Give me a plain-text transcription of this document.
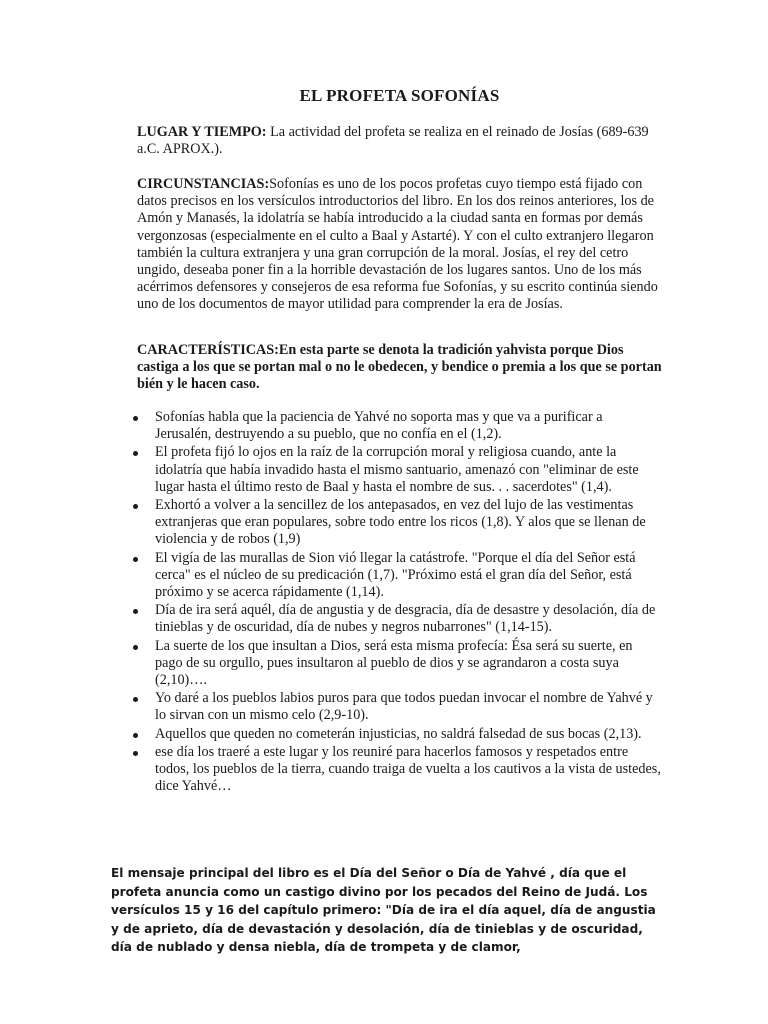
EL PROFETA SOFONÍAS

LUGAR Y TIEMPO: La actividad del profeta se realiza en el reinado de Josías (689-639 a.C. APROX.).

CIRCUNSTANCIAS:Sofonías es uno de los pocos profetas cuyo tiempo está fijado con datos precisos en los versículos introductorios del libro. En los dos reinos anteriores, los de Amón y Manasés, la idolatría se había introducido a la ciudad santa en formas por demás vergonzosas (especialmente en el culto a Baal y Astarté). Y con el culto extranjero llegaron también la cultura extranjera y una gran corrupción de la moral. Josías, el rey del cetro ungido, deseaba poner fin a la horrible devastación de los lugares santos. Uno de los más acérrimos defensores y consejeros de esa reforma fue Sofonías, y su escrito continúa siendo uno de los documentos de mayor utilidad para comprender la era de Josías.

CARACTERÍSTICAS:En esta parte se denota la tradición yahvista porque Dios castiga a los que se portan mal o no le obedecen, y bendice o premia a los que se portan bién y le hacen caso.

Sofonías habla que la paciencia de Yahvé no soporta mas y que va a purificar a Jerusalén, destruyendo a su pueblo, que no confía en el (1,2).
El profeta fijó lo ojos en la raíz de la corrupción moral y religiosa cuando, ante la idolatría que había invadido hasta el mismo santuario, amenazó con "eliminar de este lugar hasta el último resto de Baal y hasta el nombre de sus. . . sacerdotes" (1,4).
Exhortó a volver a la sencillez de los antepasados, en vez del lujo de las vestimentas extranjeras que eran populares, sobre todo entre los ricos (1,8). Y alos que se llenan de violencia y de robos (1,9)
El vigía de las murallas de Sion vió llegar la catástrofe. "Porque el día del Señor está cerca" es el núcleo de su predicación (1,7). "Próximo está el gran día del Señor, está próximo y se acerca rápidamente (1,14).
Día de ira será aquél, día de angustia y de desgracia, día de desastre y desolación, día de tinieblas y de oscuridad, día de nubes y negros nubarrones" (1,14-15).
La suerte de los que insultan a Dios, será esta misma profecía: Ésa será su suerte, en pago de su orgullo, pues insultaron al pueblo de dios y se agrandaron a costa suya (2,10)….
Yo daré a los pueblos labios puros para que todos puedan invocar el nombre de Yahvé y lo sirvan con un mismo celo (2,9-10).
Aquellos que queden no cometerán injusticias, no saldrá falsedad de sus bocas (2,13).
ese día los traeré a este lugar y los reuniré para hacerlos famosos y respetados entre todos, los pueblos de la tierra, cuando traiga de vuelta a los cautivos a la vista de ustedes, dice Yahvé…

El mensaje principal del libro es el Día del Señor o Día de Yahvé , día que el profeta anuncia como un castigo divino por los pecados del Reino de Judá. Los versículos 15 y 16 del capítulo primero: "Día de ira el día aquel, día de angustia y de aprieto, día de devastación y desolación, día de tinieblas y de oscuridad, día de nublado y densa niebla, día de trompeta y de clamor,
